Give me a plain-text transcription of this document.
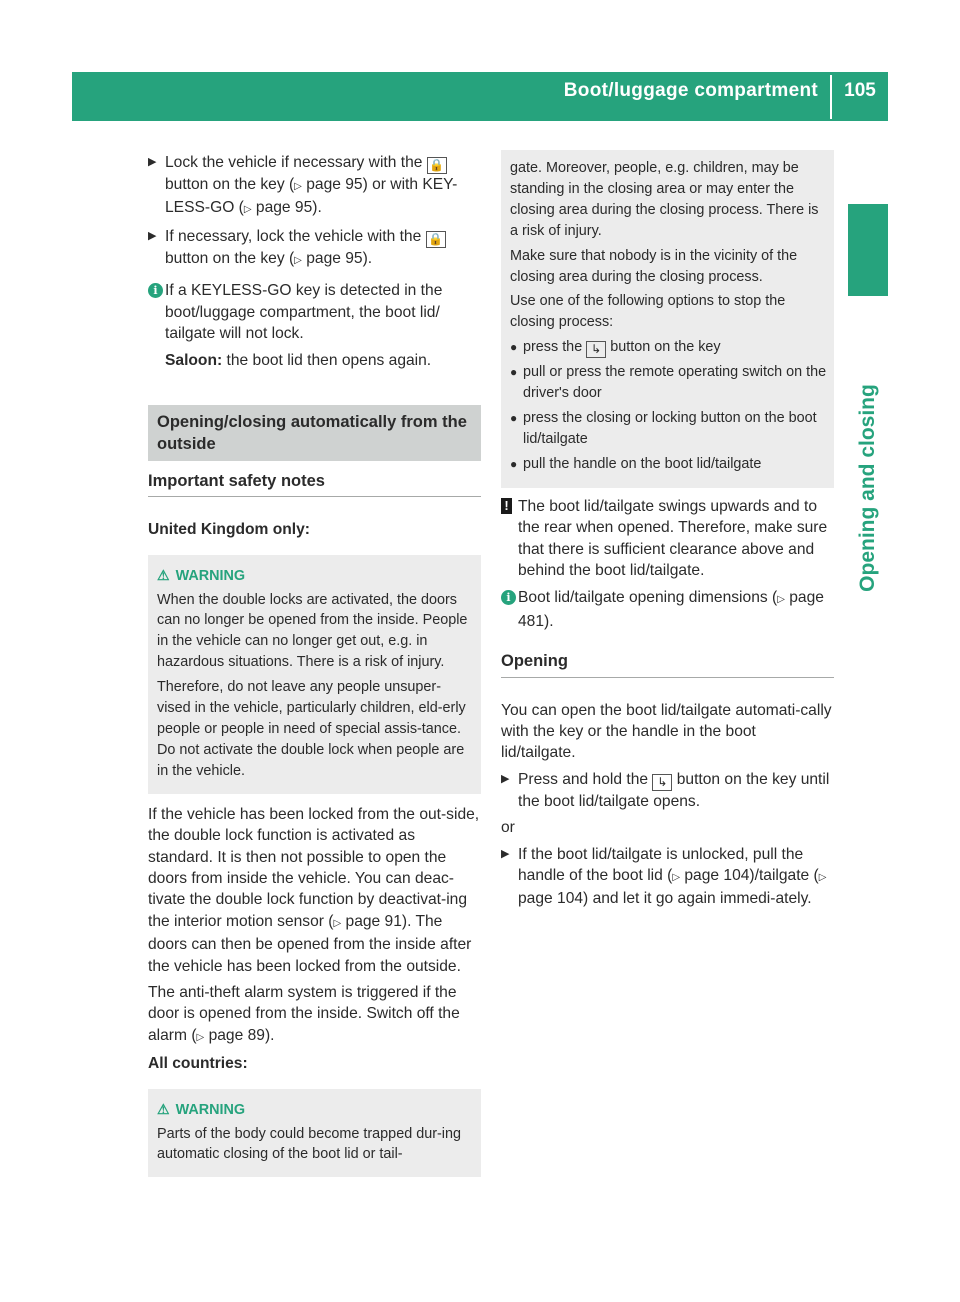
Boot/luggage compartment	105
Opening and closing
▶ Lock the vehicle if necessary with the 🔒 button on the key (▷ page 95) or with KEY-LESS-GO (▷ page 95).
▶ If necessary, lock the vehicle with the 🔒 button on the key (▷ page 95).
i If a KEYLESS-GO key is detected in the boot/luggage compartment, the boot lid/ tailgate will not lock.

Saloon: the boot lid then opens again.

Opening/closing automatically from the outside
Important safety notes

United Kingdom only:

⚠ WARNING

When the double locks are activated, the doors can no longer be opened from the inside. People in the vehicle can no longer get out, e.g. in hazardous situations. There is a risk of injury.

Therefore, do not leave any people unsuper-vised in the vehicle, particularly children, eld-erly people or people in need of special assis-tance. Do not activate the double lock when people are in the vehicle.

If the vehicle has been locked from the out-side, the double lock function is activated as standard. It is then not possible to open the doors from inside the vehicle. You can deac-tivate the double lock function by deactivat-ing the interior motion sensor (▷ page 91). The doors can then be opened from the inside after the vehicle has been locked from the outside.

The anti-theft alarm system is triggered if the door is opened from the inside. Switch off the alarm (▷ page 89).

All countries:

⚠ WARNING

Parts of the body could become trapped dur-ing automatic closing of the boot lid or tail-

gate. Moreover, people, e.g. children, may be standing in the closing area or may enter the closing area during the closing process. There is a risk of injury.

Make sure that nobody is in the vicinity of the closing area during the closing process.

Use one of the following options to stop the closing process:

● press the ↳ button on the key
● pull or press the remote operating switch on the driver's door
● press the closing or locking button on the boot lid/tailgate
● pull the handle on the boot lid/tailgate
! The boot lid/tailgate swings upwards and to the rear when opened. Therefore, make sure that there is sufficient clearance above and behind the boot lid/tailgate.
i Boot lid/tailgate opening dimensions (▷ page 481).
Opening

You can open the boot lid/tailgate automati-cally with the key or the handle in the boot lid/tailgate.

▶ Press and hold the ↳ button on the key until the boot lid/tailgate opens.

or

▶ If the boot lid/tailgate is unlocked, pull the handle of the boot lid (▷ page 104)/tailgate (▷ page 104) and let it go again immedi-ately.
